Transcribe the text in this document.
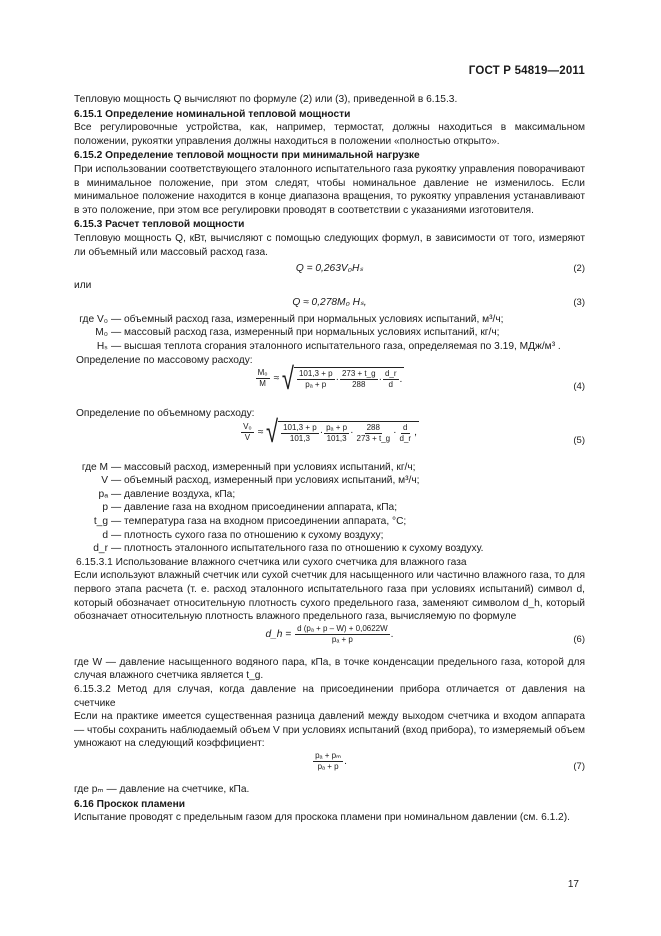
ГОСТ Р 54819—2011

Тепловую мощность Q вычисляют по формуле (2) или (3), приведенной в 6.15.3.

6.15.1 Определение номинальной тепловой мощности

Все регулировочные устройства, как, например, термостат, должны находиться в максимальном положении, рукоятки управления должны находиться в положении «полностью открыто».

6.15.2 Определение тепловой мощности при минимальной нагрузке

При использовании соответствующего эталонного испытательного газа рукоятку управления поворачивают в минимальное положение, при этом следят, чтобы номинальное давление не изменилось. Если минимальное положение находится в конце диапазона вращения, то рукоятку управления устанавливают в это положение, при этом все регулировки проводят в соответствии с указаниями изготовителя.

6.15.3 Расчет тепловой мощности

Тепловую мощность Q, кВт, вычисляют с помощью следующих формул, в зависимости от того, измеряют ли объемный или массовый расход газа.

Q = 0,263V₀Hₛ	(2)

или

Q ≈ 0,278M₀ Hₛ,	(3)
где V₀ — объемный расход газа, измеренный при нормальных условиях испытаний, м³/ч;
M₀ — массовый расход газа, измеренный при нормальных условиях испытаний, кг/ч;
Hₛ — высшая теплота сгорания эталонного испытательного газа, определяемая по 3.19, МДж/м³ .

Определение по массовому расходу:

$\frac{\text{M₀}}{M}$ ≈ √ $\frac{101,3 + p}{\text{pₐ + p}} \cdot \frac{273 + t\_g}{288} \cdot \frac{d\_r}{d}$ .
(4)

Определение по объемному расходу:

$\frac{\text{V₀}}{V}$ ≈ √ $\frac{101,3 + p}{101,3} \cdot \frac{\text{pₐ + p}}{101,3} \cdot \frac{288}{273 + t\_g} \cdot \frac{d}{d\_r}$ ,
(5)
где M — массовый расход, измеренный при условиях испытаний, кг/ч;
V — объемный расход, измеренный при условиях испытаний, м³/ч;
pₐ — давление воздуха, кПа;
p — давление газа на входном присоединении аппарата, кПа;
t_g — температура газа на входном присоединении аппарата, °C;
d — плотность сухого газа по отношению к сухому воздуху;
d_r — плотность эталонного испытательного газа по отношению к сухому воздуху.

6.15.3.1 Использование влажного счетчика или сухого счетчика для влажного газа

Если используют влажный счетчик или сухой счетчик для насыщенного или частично влажного газа, то для первого этапа расчета (т. е. расход эталонного испытательного газа при условиях испытаний) символ d, который обозначает относительную плотность сухого предельного газа, заменяют символом d_h, который обозначает относительную плотность влажного предельного газа, вычисляемую по формуле

d_h = $\frac{\text{d (pₐ + p – W) + 0,0622W}}{\text{pₐ + p}}$ .	(6)

где W — давление насыщенного водяного пара, кПа, в точке конденсации предельного газа, которой для случая влажного счетчика является t_g.

6.15.3.2 Метод для случая, когда давление на присоединении прибора отличается от давления на счетчике

Если на практике имеется существенная разница давлений между выходом счетчика и входом аппарата — чтобы сохранить наблюдаемый объем V при условиях испытаний (вход прибора), то измеряемый объем умножают на следующий коэффициент:

$\frac{\text{pₐ + pₘ}}{\text{pₐ + p}}$ .	(7)

где pₘ — давление на счетчике, кПа.

6.16 Проскок пламени

Испытание проводят с предельным газом для проскока пламени при номинальном давлении (см. 6.1.2).

17
